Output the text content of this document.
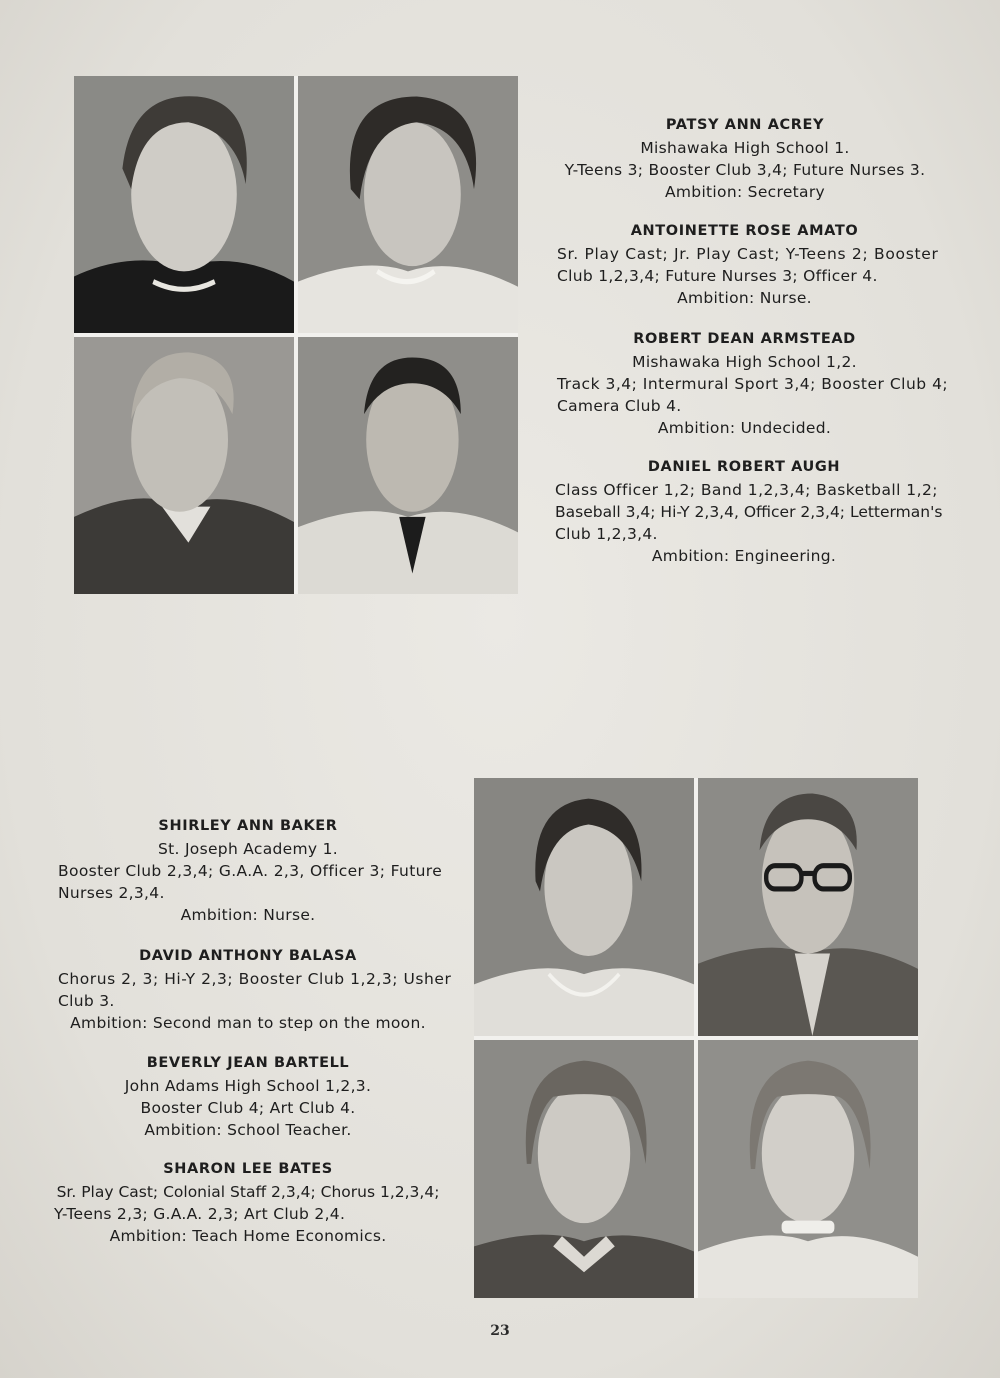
PATSY ANN ACREY
Mishawaka High School 1.
Y-Teens 3; Booster Club 3,4; Future Nurses 3.
Ambition: Secretary
ANTOINETTE ROSE AMATO
Sr. Play Cast; Jr. Play Cast; Y-Teens 2; Booster
Club 1,2,3,4; Future Nurses 3; Officer 4.
Ambition: Nurse.
ROBERT DEAN ARMSTEAD
Mishawaka High School 1,2.
Track 3,4; Intermural Sport 3,4; Booster Club 4;
Camera Club 4.
Ambition: Undecided.
DANIEL ROBERT AUGH
Class Officer 1,2; Band 1,2,3,4; Basketball 1,2;
Baseball 3,4; Hi-Y 2,3,4, Officer 2,3,4; Letterman's
Club 1,2,3,4.
Ambition: Engineering.
SHIRLEY ANN BAKER
St. Joseph Academy 1.
Booster Club 2,3,4; G.A.A. 2,3, Officer 3; Future
Nurses 2,3,4.
Ambition: Nurse.
DAVID ANTHONY BALASA
Chorus 2, 3; Hi-Y 2,3; Booster Club 1,2,3; Usher
Club 3.
Ambition: Second man to step on the moon.
BEVERLY JEAN BARTELL
John Adams High School 1,2,3.
Booster Club 4; Art Club 4.
Ambition: School Teacher.
SHARON LEE BATES
Sr. Play Cast; Colonial Staff 2,3,4; Chorus 1,2,3,4;
Y-Teens 2,3; G.A.A. 2,3; Art Club 2,4.
Ambition: Teach Home Economics.
23
